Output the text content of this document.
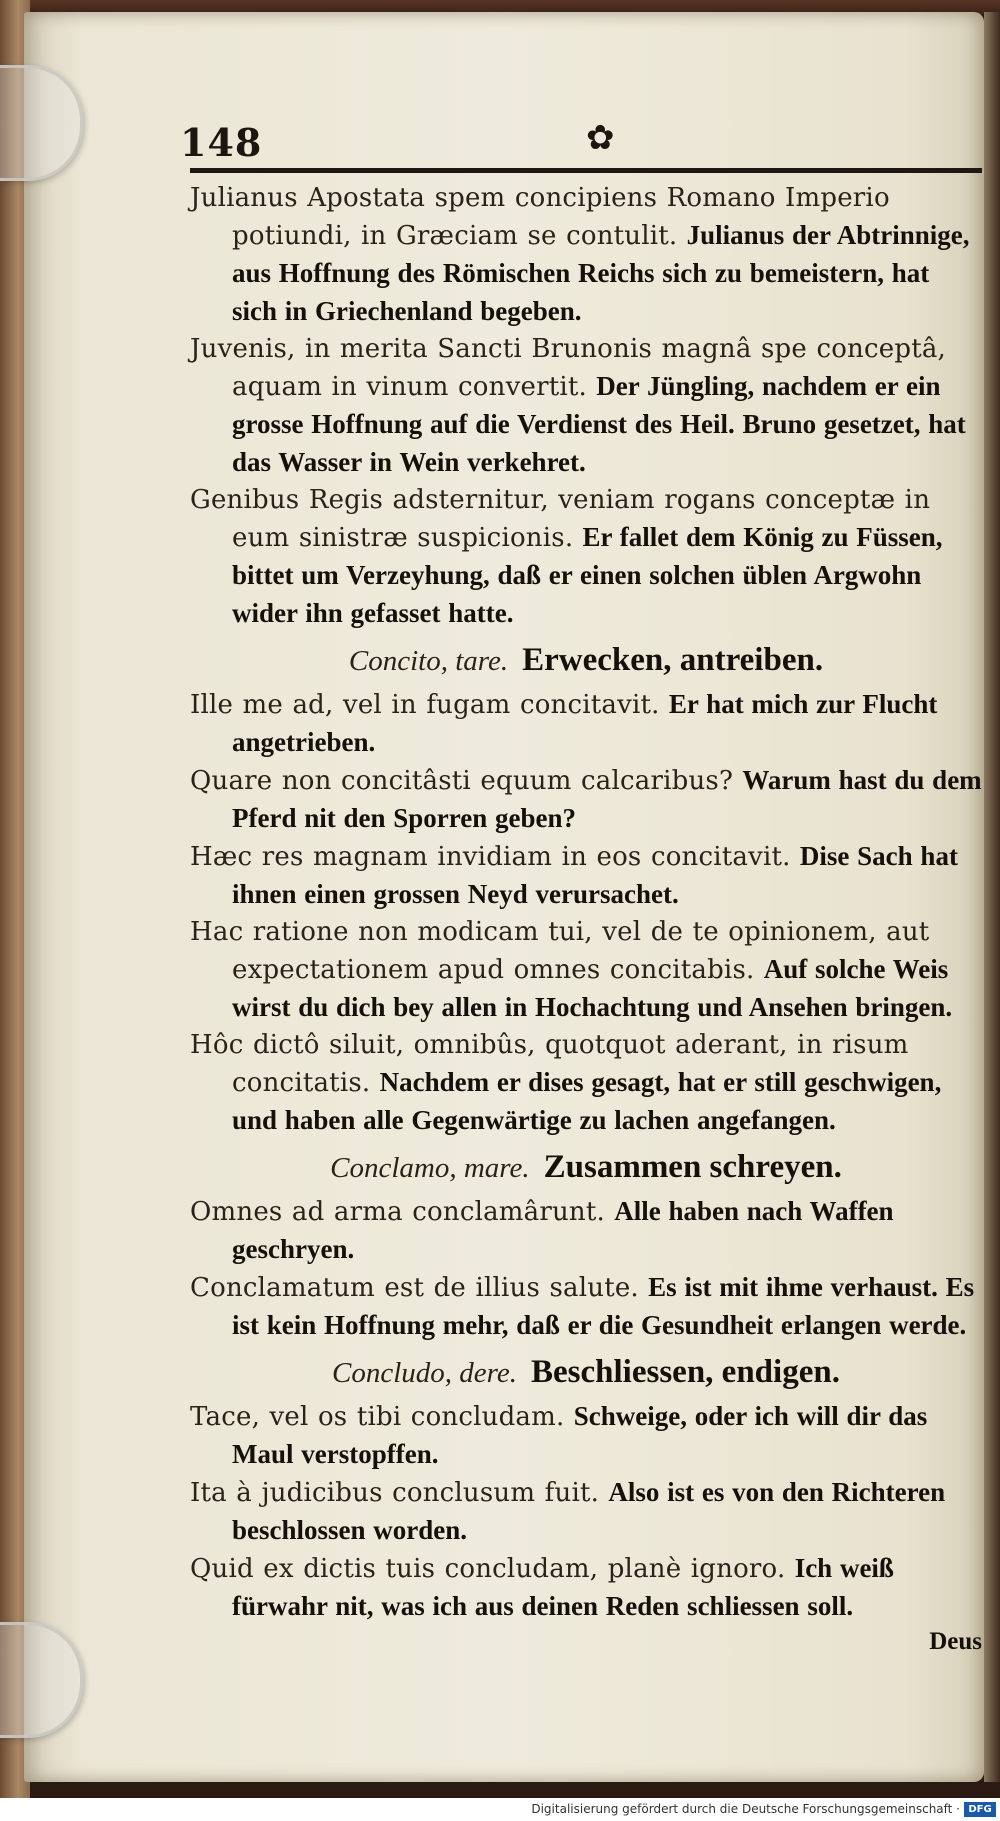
148	✿
Julianus Apostata spem concipiens Romano Imperio potiundi, in Græciam se contulit. Julianus der Abtrinnige, aus Hoffnung des Römischen Reichs sich zu bemeistern, hat sich in Griechenland begeben.
Juvenis, in merita Sancti Brunonis magnâ spe conceptâ, aquam in vinum convertit. Der Jüngling, nachdem er ein grosse Hoffnung auf die Verdienst des Heil. Bruno gesetzet, hat das Wasser in Wein verkehret.
Genibus Regis adsternitur, veniam rogans conceptæ in eum sinistræ suspicionis. Er fallet dem König zu Füssen, bittet um Verzeyhung, daß er einen solchen üblen Argwohn wider ihn gefasset hatte.
Concito, tare. Erwecken, antreiben.
Ille me ad, vel in fugam concitavit. Er hat mich zur Flucht angetrieben.
Quare non concitâsti equum calcaribus? Warum hast du dem Pferd nit den Sporren geben?
Hæc res magnam invidiam in eos concitavit. Dise Sach hat ihnen einen grossen Neyd verursachet.
Hac ratione non modicam tui, vel de te opinionem, aut expectationem apud omnes concitabis. Auf solche Weis wirst du dich bey allen in Hochachtung und Ansehen bringen.
Hôc dictô siluit, omnibûs, quotquot aderant, in risum concitatis. Nachdem er dises gesagt, hat er still geschwigen, und haben alle Gegenwärtige zu lachen angefangen.
Conclamo, mare. Zusammen schreyen.
Omnes ad arma conclamârunt. Alle haben nach Waffen geschryen.
Conclamatum est de illius salute. Es ist mit ihme verhaust. Es ist kein Hoffnung mehr, daß er die Gesundheit erlangen werde.
Concludo, dere. Beschliessen, endigen.
Tace, vel os tibi concludam. Schweige, oder ich will dir das Maul verstopffen.
Ita à judicibus conclusum fuit. Also ist es von den Richteren beschlossen worden.
Quid ex dictis tuis concludam, planè ignoro. Ich weiß fürwahr nit, was ich aus deinen Reden schliessen soll.
Deus
Digitalisierung gefördert durch die Deutsche Forschungsgemeinschaft · DFG
